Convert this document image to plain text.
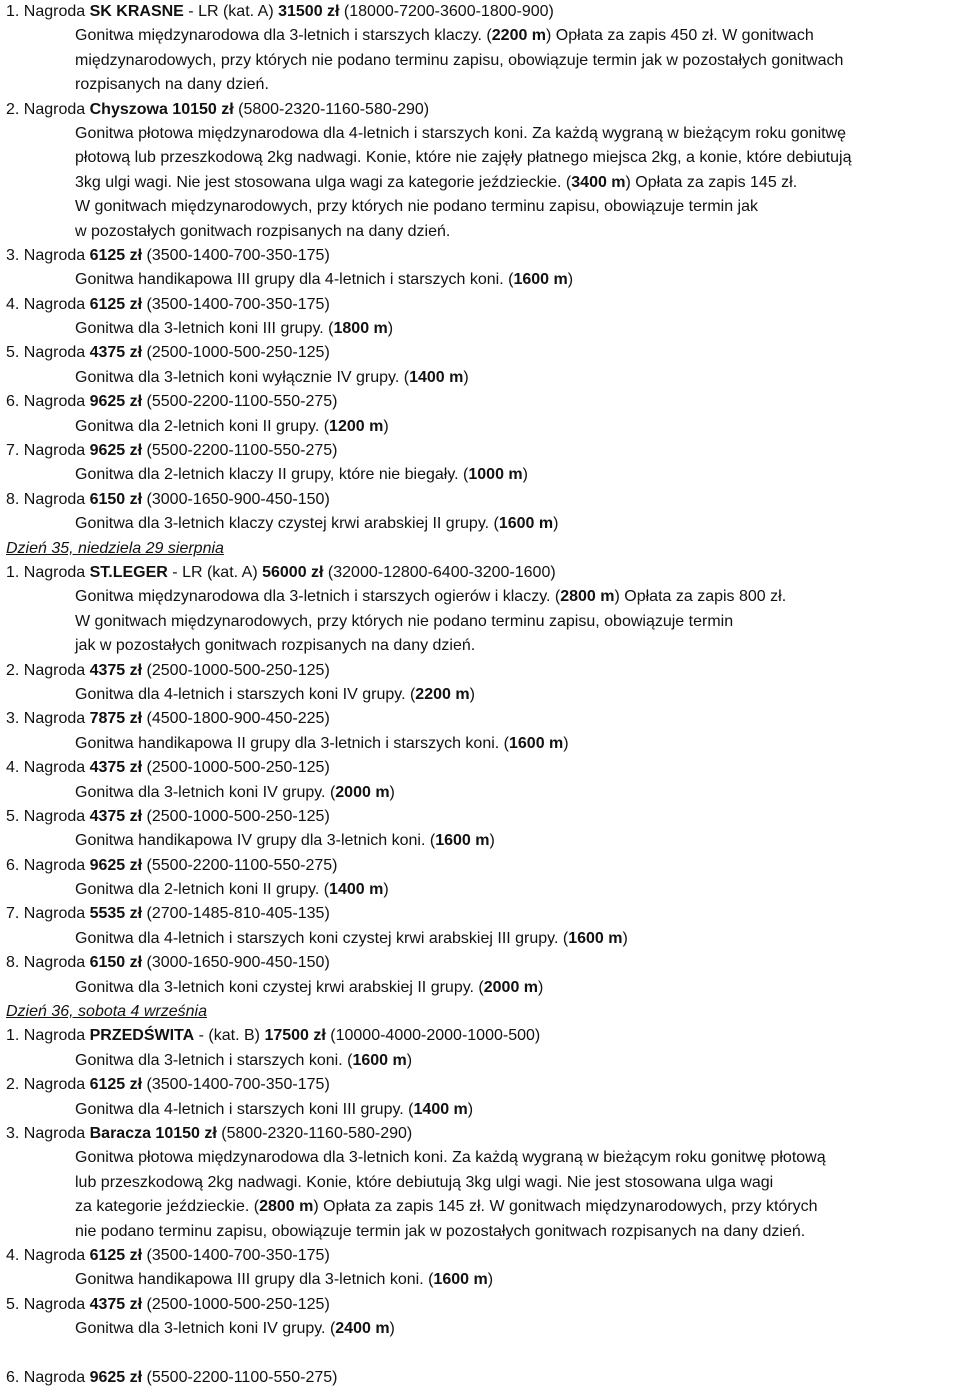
1. Nagroda SK KRASNE - LR (kat. A) 31500 zł (18000-7200-3600-1800-900)
Gonitwa międzynarodowa dla 3-letnich i starszych klaczy. (2200 m) Opłata za zapis 450 zł. W gonitwach
międzynarodowych, przy których nie podano terminu zapisu, obowiązuje termin jak w pozostałych gonitwach
rozpisanych na dany dzień.
2. Nagroda Chyszowa 10150 zł (5800-2320-1160-580-290)
Gonitwa płotowa międzynarodowa dla 4-letnich i starszych koni. Za każdą wygraną w bieżącym roku gonitwę
płotową lub przeszkodową 2kg nadwagi. Konie, które nie zajęły płatnego miejsca 2kg, a konie, które debiutują
3kg ulgi wagi. Nie jest stosowana ulga wagi za kategorie jeździeckie. (3400 m) Opłata za zapis 145 zł.
W gonitwach międzynarodowych, przy których nie podano terminu zapisu, obowiązuje termin jak
w pozostałych gonitwach rozpisanych na dany dzień.
3. Nagroda 6125 zł (3500-1400-700-350-175)
Gonitwa handikapowa III grupy dla 4-letnich i starszych koni. (1600 m)
4. Nagroda 6125 zł (3500-1400-700-350-175)
Gonitwa dla 3-letnich koni III grupy. (1800 m)
5. Nagroda 4375 zł (2500-1000-500-250-125)
Gonitwa dla 3-letnich koni wyłącznie IV grupy. (1400 m)
6. Nagroda 9625 zł (5500-2200-1100-550-275)
Gonitwa dla 2-letnich koni II grupy. (1200 m)
7. Nagroda 9625 zł (5500-2200-1100-550-275)
Gonitwa dla 2-letnich klaczy II grupy, które nie biegały. (1000 m)
8. Nagroda 6150 zł (3000-1650-900-450-150)
Gonitwa dla 3-letnich klaczy czystej krwi arabskiej II grupy. (1600 m)
Dzień 35, niedziela 29 sierpnia
1. Nagroda ST.LEGER - LR (kat. A) 56000 zł (32000-12800-6400-3200-1600)
Gonitwa międzynarodowa dla 3-letnich i starszych ogierów i klaczy. (2800 m) Opłata za zapis 800 zł.
W gonitwach międzynarodowych, przy których nie podano terminu zapisu, obowiązuje termin
jak w pozostałych gonitwach rozpisanych na dany dzień.
2. Nagroda 4375 zł (2500-1000-500-250-125)
Gonitwa dla 4-letnich i starszych koni IV grupy. (2200 m)
3. Nagroda 7875 zł (4500-1800-900-450-225)
Gonitwa handikapowa II grupy dla 3-letnich i starszych koni. (1600 m)
4. Nagroda 4375 zł (2500-1000-500-250-125)
Gonitwa dla 3-letnich koni IV grupy. (2000 m)
5. Nagroda 4375 zł (2500-1000-500-250-125)
Gonitwa handikapowa IV grupy dla 3-letnich koni. (1600 m)
6. Nagroda 9625 zł (5500-2200-1100-550-275)
Gonitwa dla 2-letnich koni II grupy. (1400 m)
7. Nagroda 5535 zł (2700-1485-810-405-135)
Gonitwa dla 4-letnich i starszych koni czystej krwi arabskiej III grupy. (1600 m)
8. Nagroda 6150 zł (3000-1650-900-450-150)
Gonitwa dla 3-letnich koni czystej krwi arabskiej II grupy. (2000 m)
Dzień 36, sobota 4 września
1. Nagroda PRZEDŚWITA - (kat. B) 17500 zł (10000-4000-2000-1000-500)
Gonitwa dla 3-letnich i starszych koni. (1600 m)
2. Nagroda 6125 zł (3500-1400-700-350-175)
Gonitwa dla 4-letnich i starszych koni III grupy. (1400 m)
3. Nagroda Baracza 10150 zł (5800-2320-1160-580-290)
Gonitwa płotowa międzynarodowa dla 3-letnich koni. Za każdą wygraną w bieżącym roku gonitwę płotową
lub przeszkodową 2kg nadwagi. Konie, które debiutują 3kg ulgi wagi. Nie jest stosowana ulga wagi
za kategorie jeździeckie. (2800 m) Opłata za zapis 145 zł. W gonitwach międzynarodowych, przy których
nie podano terminu zapisu, obowiązuje termin jak w pozostałych gonitwach rozpisanych na dany dzień.
4. Nagroda 6125 zł (3500-1400-700-350-175)
Gonitwa handikapowa III grupy dla 3-letnich koni. (1600 m)
5. Nagroda 4375 zł (2500-1000-500-250-125)
Gonitwa dla 3-letnich koni IV grupy. (2400 m)
6. Nagroda 9625 zł (5500-2200-1100-550-275)
